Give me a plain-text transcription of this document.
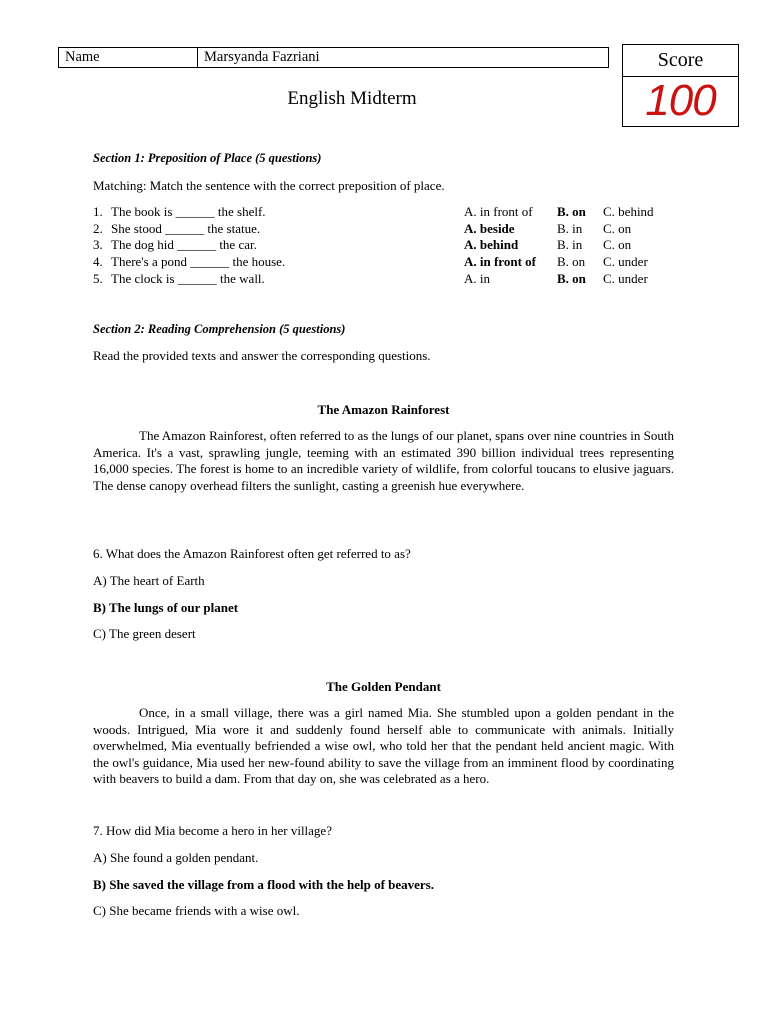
Name	Marsyanda Fazriani	Score
100
English Midterm
Section 1: Preposition of Place (5 questions)
Matching: Match the sentence with the correct preposition of place.
1. The book is ______ the shelf.	A. in front of B. on C. behind
2. She stood ______ the statue.	A. beside	B. in C. on
3. The dog hid ______ the car.	A. behind	B. in C. on
4. There's a pond ______ the house.	A. in front of B. on C. under
5. The clock is ______ the wall.	A. in	B. on C. under
Section 2: Reading Comprehension (5 questions)
Read the provided texts and answer the corresponding questions.
The Amazon Rainforest
The Amazon Rainforest, often referred to as the lungs of our planet, spans over nine countries in South America. It's a vast, sprawling jungle, teeming with an estimated 390 billion individual trees representing 16,000 species. The forest is home to an incredible variety of wildlife, from colorful toucans to elusive jaguars. The dense canopy overhead filters the sunlight, casting a greenish hue everywhere.
6. What does the Amazon Rainforest often get referred to as?
A) The heart of Earth
B) The lungs of our planet
C) The green desert
The Golden Pendant
Once, in a small village, there was a girl named Mia. She stumbled upon a golden pendant in the woods. Intrigued, Mia wore it and suddenly found herself able to communicate with animals. Initially overwhelmed, Mia eventually befriended a wise owl, who told her that the pendant held ancient magic. With the owl's guidance, Mia used her new-found ability to save the village from an imminent flood by coordinating with beavers to build a dam. From that day on, she was celebrated as a hero.
7. How did Mia become a hero in her village?
A) She found a golden pendant.
B) She saved the village from a flood with the help of beavers.
C) She became friends with a wise owl.
